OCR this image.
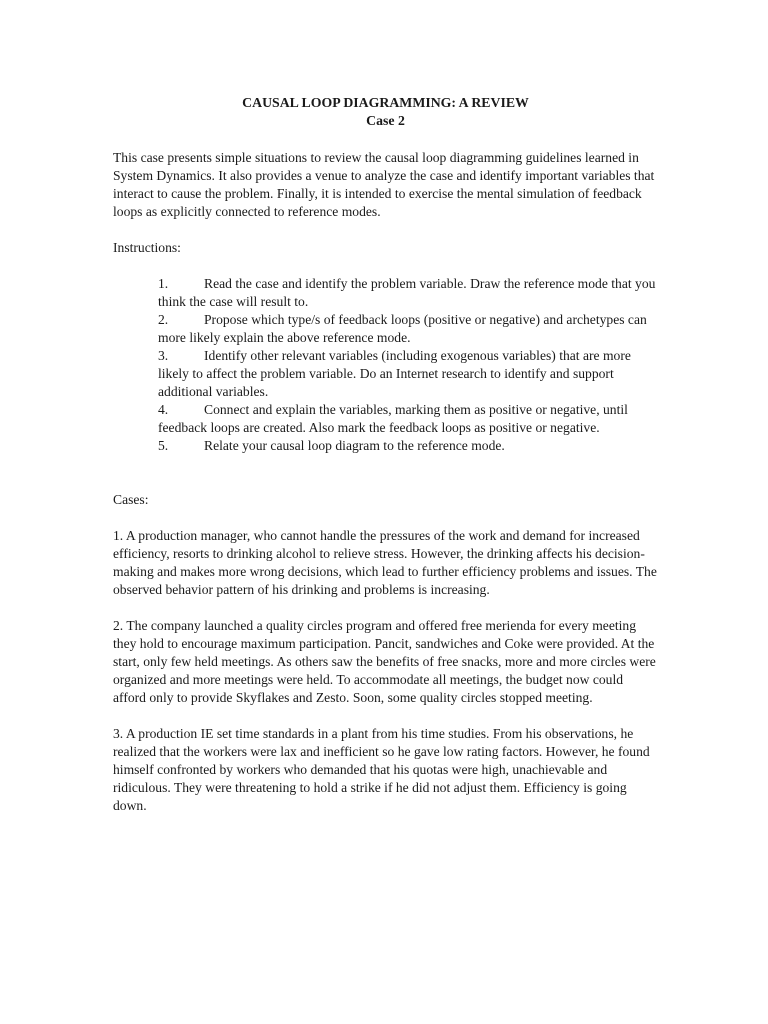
CAUSAL LOOP DIAGRAMMING: A REVIEW

Case 2

This case presents simple situations to review the causal loop diagramming guidelines learned in System Dynamics. It also provides a venue to analyze the case and identify important variables that interact to cause the problem. Finally, it is intended to exercise the mental simulation of feedback loops as explicitly connected to reference modes.

Instructions:

1.	Read the case and identify the problem variable. Draw the reference mode that you think the case will result to.

2.	Propose which type/s of feedback loops (positive or negative) and archetypes can more likely explain the above reference mode.

3.	Identify other relevant variables (including exogenous variables) that are more likely to affect the problem variable. Do an Internet research to identify and support additional variables.

4.	Connect and explain the variables, marking them as positive or negative, until feedback loops are created. Also mark the feedback loops as positive or negative.

5.	Relate your causal loop diagram to the reference mode.

Cases:

1. A production manager, who cannot handle the pressures of the work and demand for increased efficiency, resorts to drinking alcohol to relieve stress. However, the drinking affects his decision-making and makes more wrong decisions, which lead to further efficiency problems and issues. The observed behavior pattern of his drinking and problems is increasing.

2. The company launched a quality circles program and offered free merienda for every meeting they hold to encourage maximum participation. Pancit, sandwiches and Coke were provided. At the start, only few held meetings. As others saw the benefits of free snacks, more and more circles were organized and more meetings were held. To accommodate all meetings, the budget now could afford only to provide Skyflakes and Zesto. Soon, some quality circles stopped meeting.

3. A production IE set time standards in a plant from his time studies. From his observations, he realized that the workers were lax and inefficient so he gave low rating factors. However, he found himself confronted by workers who demanded that his quotas were high, unachievable and ridiculous. They were threatening to hold a strike if he did not adjust them. Efficiency is going down.
